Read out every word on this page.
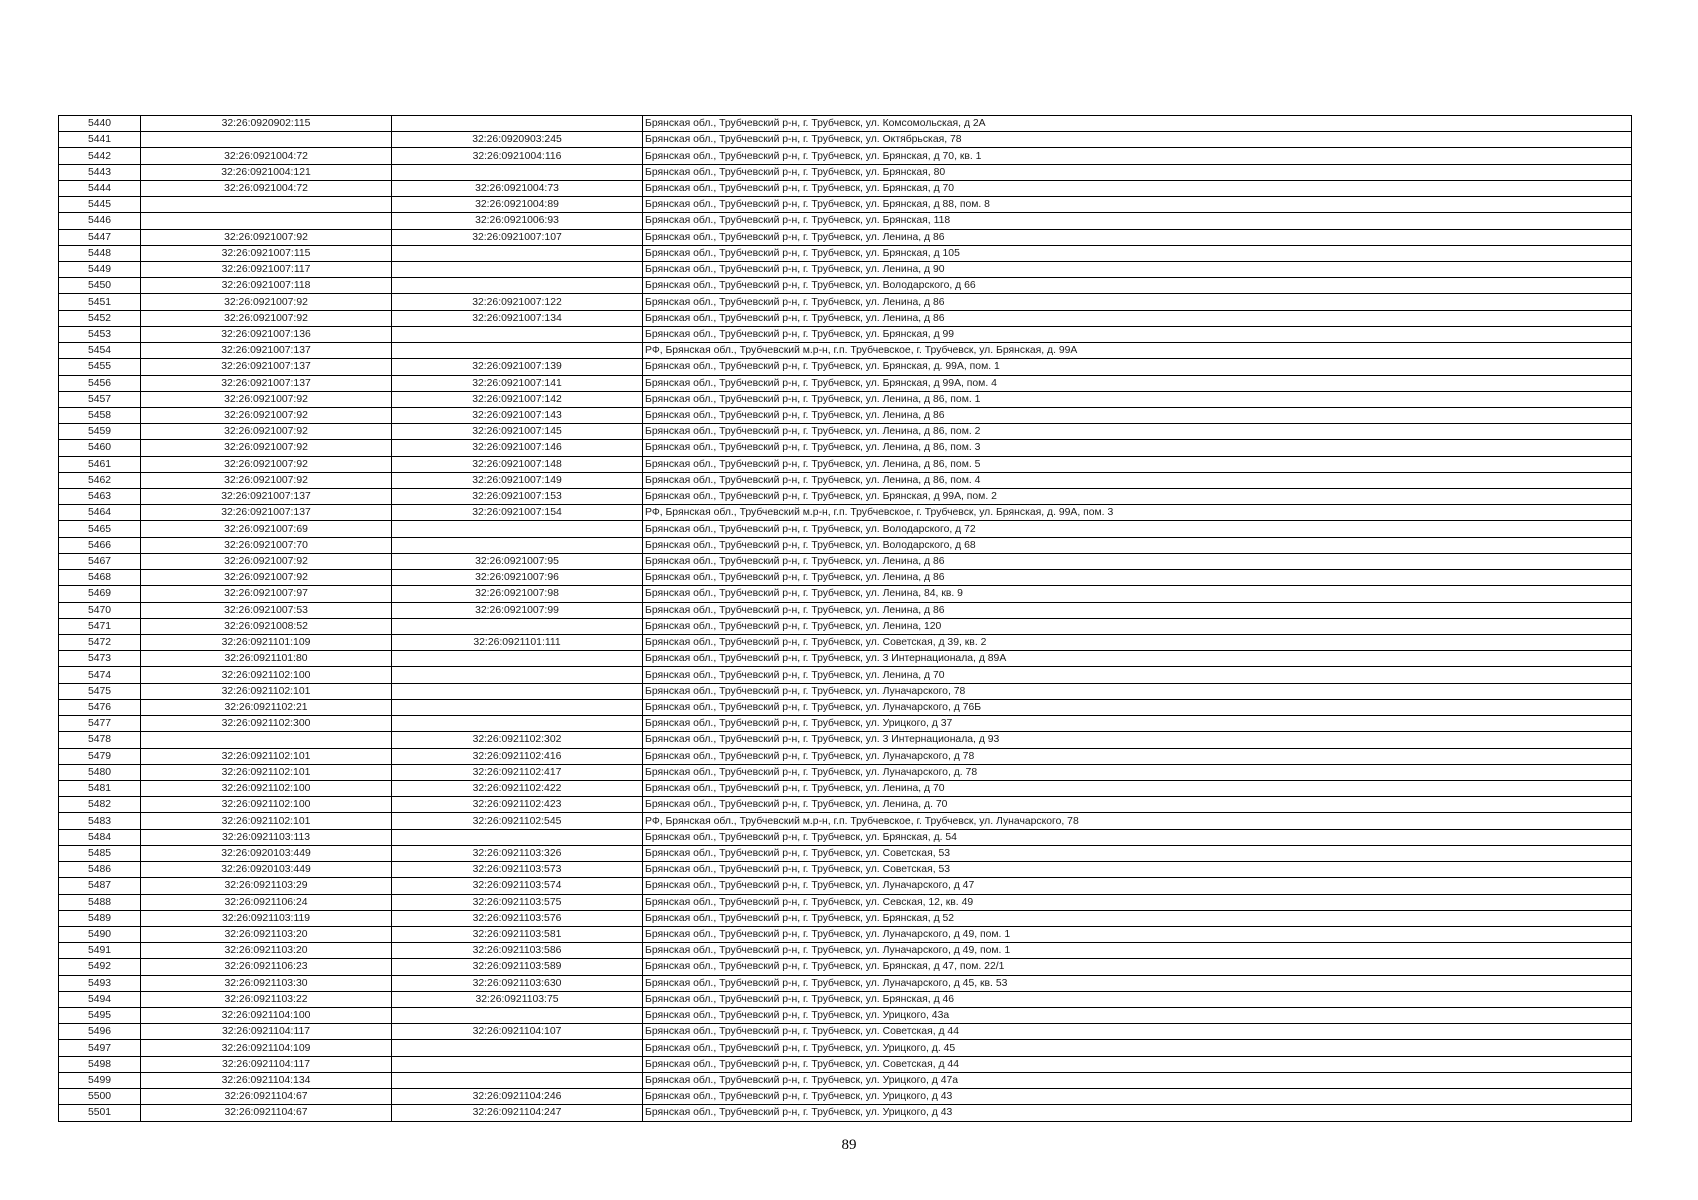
5440	32:26:0920902:115		Брянская обл., Трубчевский р-н, г. Трубчевск, ул. Комсомольская, д 2А
5441		32:26:0920903:245	Брянская обл., Трубчевский р-н, г. Трубчевск, ул. Октябрьская, 78
5442	32:26:0921004:72	32:26:0921004:116	Брянская обл., Трубчевский р-н, г. Трубчевск, ул. Брянская, д 70, кв. 1
5443	32:26:0921004:121		Брянская обл., Трубчевский р-н, г. Трубчевск, ул. Брянская, 80
5444	32:26:0921004:72	32:26:0921004:73	Брянская обл., Трубчевский р-н, г. Трубчевск, ул. Брянская, д 70
5445		32:26:0921004:89	Брянская обл., Трубчевский р-н, г. Трубчевск, ул. Брянская, д 88, пом. 8
5446		32:26:0921006:93	Брянская обл., Трубчевский р-н, г. Трубчевск, ул. Брянская, 118
5447	32:26:0921007:92	32:26:0921007:107	Брянская обл., Трубчевский р-н, г. Трубчевск, ул. Ленина, д 86
5448	32:26:0921007:115		Брянская обл., Трубчевский р-н, г. Трубчевск, ул. Брянская, д 105
5449	32:26:0921007:117		Брянская обл., Трубчевский р-н, г. Трубчевск, ул. Ленина, д 90
5450	32:26:0921007:118		Брянская обл., Трубчевский р-н, г. Трубчевск, ул. Володарского, д 66
5451	32:26:0921007:92	32:26:0921007:122	Брянская обл., Трубчевский р-н, г. Трубчевск, ул. Ленина, д 86
5452	32:26:0921007:92	32:26:0921007:134	Брянская обл., Трубчевский р-н, г. Трубчевск, ул. Ленина, д 86
5453	32:26:0921007:136		Брянская обл., Трубчевский р-н, г. Трубчевск, ул. Брянская, д 99
5454	32:26:0921007:137		РФ, Брянская обл., Трубчевский м.р-н, г.п. Трубчевское, г. Трубчевск, ул. Брянская, д. 99А
5455	32:26:0921007:137	32:26:0921007:139	Брянская обл., Трубчевский р-н, г. Трубчевск, ул. Брянская, д. 99А, пом. 1
5456	32:26:0921007:137	32:26:0921007:141	Брянская обл., Трубчевский р-н, г. Трубчевск, ул. Брянская, д 99А, пом. 4
5457	32:26:0921007:92	32:26:0921007:142	Брянская обл., Трубчевский р-н, г. Трубчевск, ул. Ленина, д 86, пом. 1
5458	32:26:0921007:92	32:26:0921007:143	Брянская обл., Трубчевский р-н, г. Трубчевск, ул. Ленина, д 86
5459	32:26:0921007:92	32:26:0921007:145	Брянская обл., Трубчевский р-н, г. Трубчевск, ул. Ленина, д 86, пом. 2
5460	32:26:0921007:92	32:26:0921007:146	Брянская обл., Трубчевский р-н, г. Трубчевск, ул. Ленина, д 86, пом. 3
5461	32:26:0921007:92	32:26:0921007:148	Брянская обл., Трубчевский р-н, г. Трубчевск, ул. Ленина, д 86, пом. 5
5462	32:26:0921007:92	32:26:0921007:149	Брянская обл., Трубчевский р-н, г. Трубчевск, ул. Ленина, д 86, пом. 4
5463	32:26:0921007:137	32:26:0921007:153	Брянская обл., Трубчевский р-н, г. Трубчевск, ул. Брянская, д 99А, пом. 2
5464	32:26:0921007:137	32:26:0921007:154	РФ, Брянская обл., Трубчевский м.р-н, г.п. Трубчевское, г. Трубчевск, ул. Брянская, д. 99А, пом. 3
5465	32:26:0921007:69		Брянская обл., Трубчевский р-н, г. Трубчевск, ул. Володарского, д 72
5466	32:26:0921007:70		Брянская обл., Трубчевский р-н, г. Трубчевск, ул. Володарского, д 68
5467	32:26:0921007:92	32:26:0921007:95	Брянская обл., Трубчевский р-н, г. Трубчевск, ул. Ленина, д 86
5468	32:26:0921007:92	32:26:0921007:96	Брянская обл., Трубчевский р-н, г. Трубчевск, ул. Ленина, д 86
5469	32:26:0921007:97	32:26:0921007:98	Брянская обл., Трубчевский р-н, г. Трубчевск, ул. Ленина, 84, кв. 9
5470	32:26:0921007:53	32:26:0921007:99	Брянская обл., Трубчевский р-н, г. Трубчевск, ул. Ленина, д 86
5471	32:26:0921008:52		Брянская обл., Трубчевский р-н, г. Трубчевск, ул. Ленина, 120
5472	32:26:0921101:109	32:26:0921101:111	Брянская обл., Трубчевский р-н, г. Трубчевск, ул. Советская, д 39, кв. 2
5473	32:26:0921101:80		Брянская обл., Трубчевский р-н, г. Трубчевск, ул. 3 Интернационала, д 89А
5474	32:26:0921102:100		Брянская обл., Трубчевский р-н, г. Трубчевск, ул. Ленина, д 70
5475	32:26:0921102:101		Брянская обл., Трубчевский р-н, г. Трубчевск, ул. Луначарского, 78
5476	32:26:0921102:21		Брянская обл., Трубчевский р-н, г. Трубчевск, ул. Луначарского, д 76Б
5477	32:26:0921102:300		Брянская обл., Трубчевский р-н, г. Трубчевск, ул. Урицкого, д 37
5478		32:26:0921102:302	Брянская обл., Трубчевский р-н, г. Трубчевск, ул. 3 Интернационала, д 93
5479	32:26:0921102:101	32:26:0921102:416	Брянская обл., Трубчевский р-н, г. Трубчевск, ул. Луначарского, д 78
5480	32:26:0921102:101	32:26:0921102:417	Брянская обл., Трубчевский р-н, г. Трубчевск, ул. Луначарского, д. 78
5481	32:26:0921102:100	32:26:0921102:422	Брянская обл., Трубчевский р-н, г. Трубчевск, ул. Ленина, д 70
5482	32:26:0921102:100	32:26:0921102:423	Брянская обл., Трубчевский р-н, г. Трубчевск, ул. Ленина, д. 70
5483	32:26:0921102:101	32:26:0921102:545	РФ, Брянская обл., Трубчевский м.р-н, г.п. Трубчевское, г. Трубчевск, ул. Луначарского, 78
5484	32:26:0921103:113		Брянская обл., Трубчевский р-н, г. Трубчевск, ул. Брянская, д. 54
5485	32:26:0920103:449	32:26:0921103:326	Брянская обл., Трубчевский р-н, г. Трубчевск, ул. Советская, 53
5486	32:26:0920103:449	32:26:0921103:573	Брянская обл., Трубчевский р-н, г. Трубчевск, ул. Советская, 53
5487	32:26:0921103:29	32:26:0921103:574	Брянская обл., Трубчевский р-н, г. Трубчевск, ул. Луначарского, д 47
5488	32:26:0921106:24	32:26:0921103:575	Брянская обл., Трубчевский р-н, г. Трубчевск, ул. Севская, 12, кв. 49
5489	32:26:0921103:119	32:26:0921103:576	Брянская обл., Трубчевский р-н, г. Трубчевск, ул. Брянская, д 52
5490	32:26:0921103:20	32:26:0921103:581	Брянская обл., Трубчевский р-н, г. Трубчевск, ул. Луначарского, д 49, пом. 1
5491	32:26:0921103:20	32:26:0921103:586	Брянская обл., Трубчевский р-н, г. Трубчевск, ул. Луначарского, д 49, пом. 1
5492	32:26:0921106:23	32:26:0921103:589	Брянская обл., Трубчевский р-н, г. Трубчевск, ул. Брянская, д 47, пом. 22/1
5493	32:26:0921103:30	32:26:0921103:630	Брянская обл., Трубчевский р-н, г. Трубчевск, ул. Луначарского, д 45, кв. 53
5494	32:26:0921103:22	32:26:0921103:75	Брянская обл., Трубчевский р-н, г. Трубчевск, ул. Брянская, д 46
5495	32:26:0921104:100		Брянская обл., Трубчевский р-н, г. Трубчевск, ул. Урицкого, 43а
5496	32:26:0921104:117	32:26:0921104:107	Брянская обл., Трубчевский р-н, г. Трубчевск, ул. Советская, д 44
5497	32:26:0921104:109		Брянская обл., Трубчевский р-н, г. Трубчевск, ул. Урицкого, д. 45
5498	32:26:0921104:117		Брянская обл., Трубчевский р-н, г. Трубчевск, ул. Советская, д 44
5499	32:26:0921104:134		Брянская обл., Трубчевский р-н, г. Трубчевск, ул. Урицкого, д 47а
5500	32:26:0921104:67	32:26:0921104:246	Брянская обл., Трубчевский р-н, г. Трубчевск, ул. Урицкого, д 43
5501	32:26:0921104:67	32:26:0921104:247	Брянская обл., Трубчевский р-н, г. Трубчевск, ул. Урицкого, д 43
89
